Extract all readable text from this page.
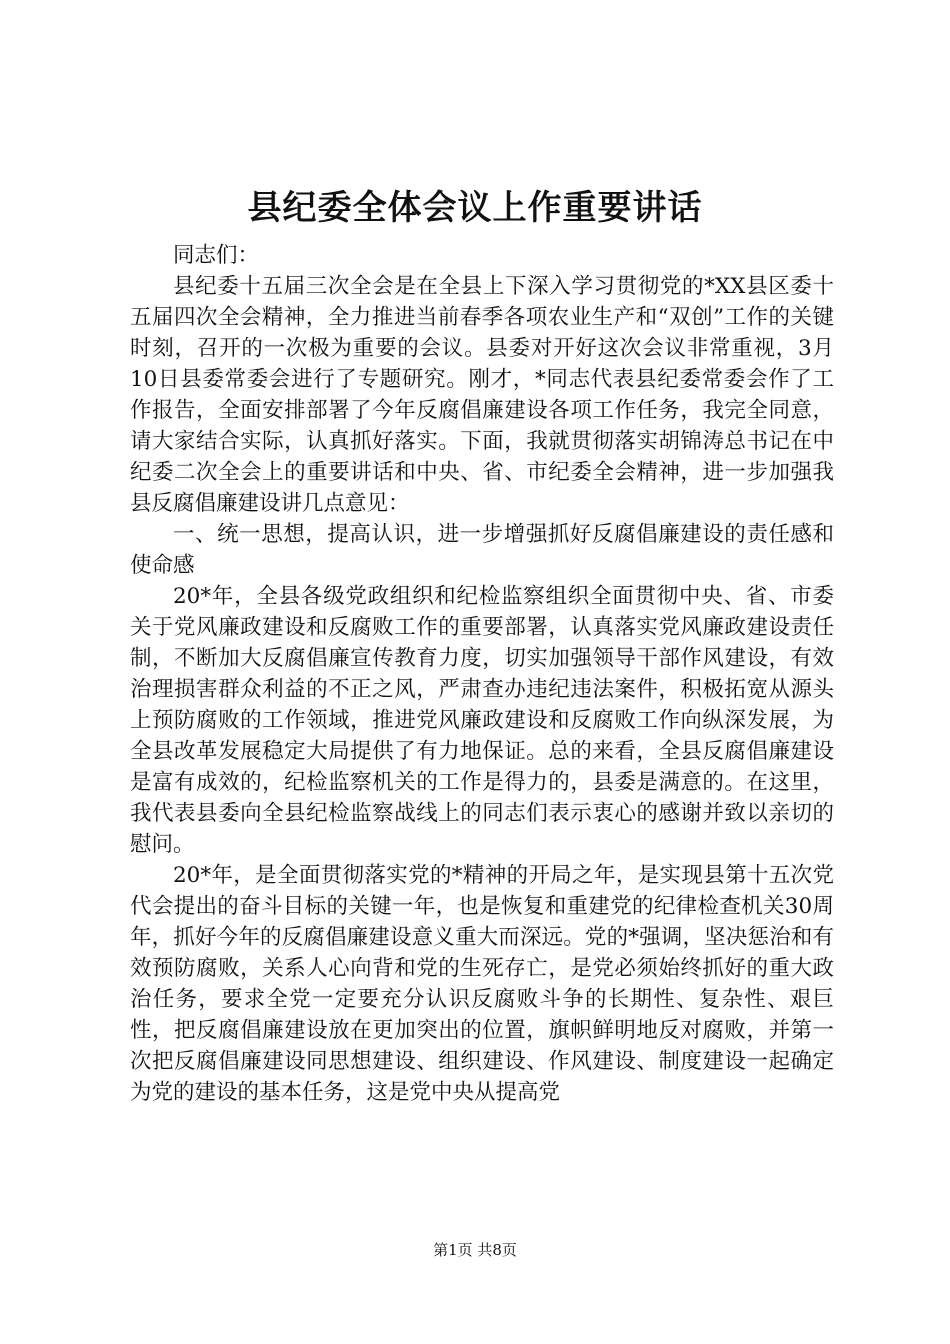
县纪委全体会议上作重要讲话

同志们：

县纪委十五届三次全会是在全县上下深入学习贯彻党的*XX县区委十五届四次全会精神，全力推进当前春季各项农业生产和“双创”工作的关键时刻，召开的一次极为重要的会议。县委对开好这次会议非常重视，3月10日县委常委会进行了专题研究。刚才，*同志代表县纪委常委会作了工作报告，全面安排部署了今年反腐倡廉建设各项工作任务，我完全同意，请大家结合实际，认真抓好落实。下面，我就贯彻落实胡锦涛总书记在中纪委二次全会上的重要讲话和中央、省、市纪委全会精神，进一步加强我县反腐倡廉建设讲几点意见：

一、统一思想，提高认识，进一步增强抓好反腐倡廉建设的责任感和使命感

20*年，全县各级党政组织和纪检监察组织全面贯彻中央、省、市委关于党风廉政建设和反腐败工作的重要部署，认真落实党风廉政建设责任制，不断加大反腐倡廉宣传教育力度，切实加强领导干部作风建设，有效治理损害群众利益的不正之风，严肃查办违纪违法案件，积极拓宽从源头上预防腐败的工作领域，推进党风廉政建设和反腐败工作向纵深发展，为全县改革发展稳定大局提供了有力地保证。总的来看，全县反腐倡廉建设是富有成效的，纪检监察机关的工作是得力的，县委是满意的。在这里，我代表县委向全县纪检监察战线上的同志们表示衷心的感谢并致以亲切的慰问。

20*年，是全面贯彻落实党的*精神的开局之年，是实现县第十五次党代会提出的奋斗目标的关键一年，也是恢复和重建党的纪律检查机关30周年，抓好今年的反腐倡廉建设意义重大而深远。党的*强调，坚决惩治和有效预防腐败，关系人心向背和党的生死存亡，是党必须始终抓好的重大政治任务，要求全党一定要充分认识反腐败斗争的长期性、复杂性、艰巨性，把反腐倡廉建设放在更加突出的位置，旗帜鲜明地反对腐败，并第一次把反腐倡廉建设同思想建设、组织建设、作风建设、制度建设一起确定为党的建设的基本任务，这是党中央从提高党

第1页 共8页
